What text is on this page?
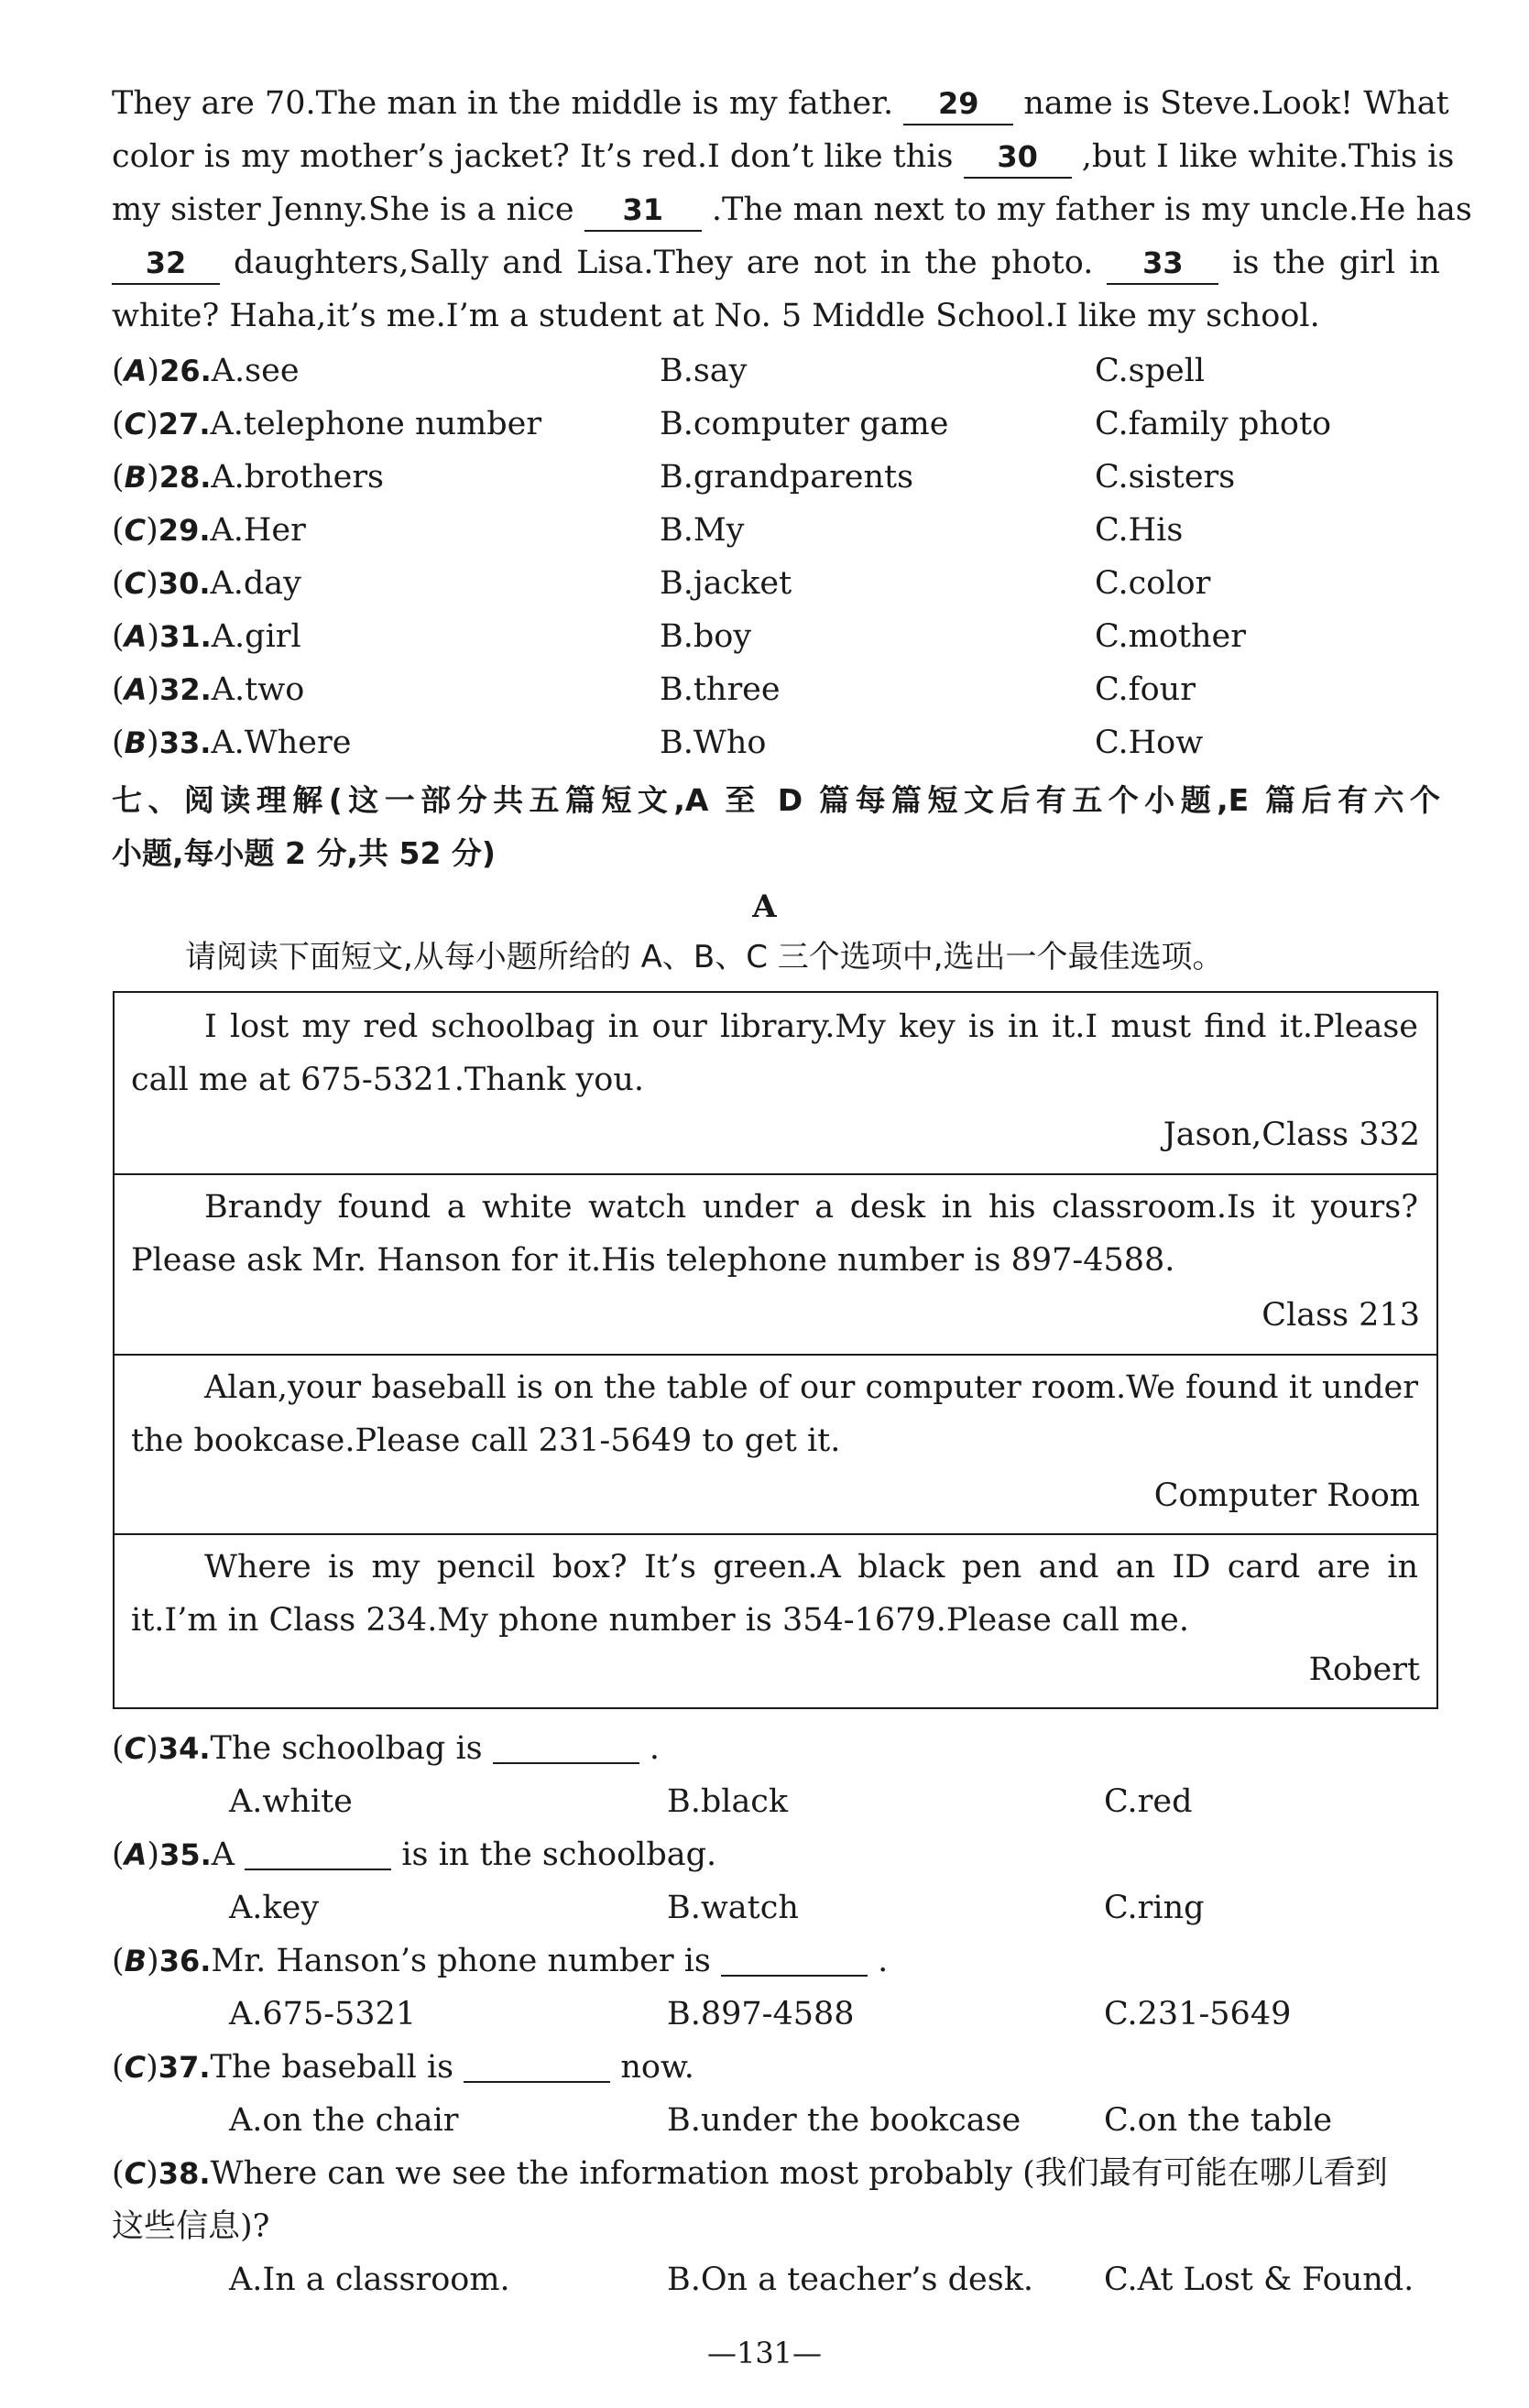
They are 70.The man in the middle is my father. 29 name is Steve.Look! What
color is my mother’s jacket? It’s red.I don’t like this 30 ,but I like white.This is
my sister Jenny.She is a nice 31 .The man next to my father is my uncle.He has
32 daughters,Sally and Lisa.They are not in the photo. 33 is the girl in
white? Haha,it’s me.I’m a student at No. 5 Middle School.I like my school.
(A)26.A.see	B.say	C.spell
(C)27.A.telephone number	B.computer game	C.family photo
(B)28.A.brothers	B.grandparents	C.sisters
(C)29.A.Her	B.My	C.His
(C)30.A.day	B.jacket	C.color
(A)31.A.girl	B.boy	C.mother
(A)32.A.two	B.three	C.four
(B)33.A.Where	B.Who	C.How
七、阅读理解(这一部分共五篇短文,A 至 D 篇每篇短文后有五个小题,E 篇后有六个
小题,每小题 2 分,共 52 分)
A
请阅读下面短文,从每小题所给的 A、B、C 三个选项中,选出一个最佳选项。
I lost my red schoolbag in our library.My key is in it.I must find it.Please call me at 675-5321.Thank you.
Jason,Class 332
Brandy found a white watch under a desk in his classroom.Is it yours? Please ask Mr. Hanson for it.His telephone number is 897-4588.
Class 213
Alan,your baseball is on the table of our computer room.We found it under the bookcase.Please call 231-5649 to get it.
Computer Room
Where is my pencil box? It’s green.A black pen and an ID card are in it.I’m in Class 234.My phone number is 354-1679.Please call me.
Robert
(C)34.The schoolbag is	.
A.white	B.black	C.red
(A)35.A	is in the schoolbag.
A.key	B.watch	C.ring
(B)36.Mr. Hanson’s phone number is	.
A.675-5321	B.897-4588	C.231-5649
(C)37.The baseball is	now.
A.on the chair	B.under the bookcase	C.on the table
(C)38.Where can we see the information most probably (我们最有可能在哪儿看到
这些信息)?
A.In a classroom.	B.On a teacher’s desk. C.At Lost & Found.
—131—
